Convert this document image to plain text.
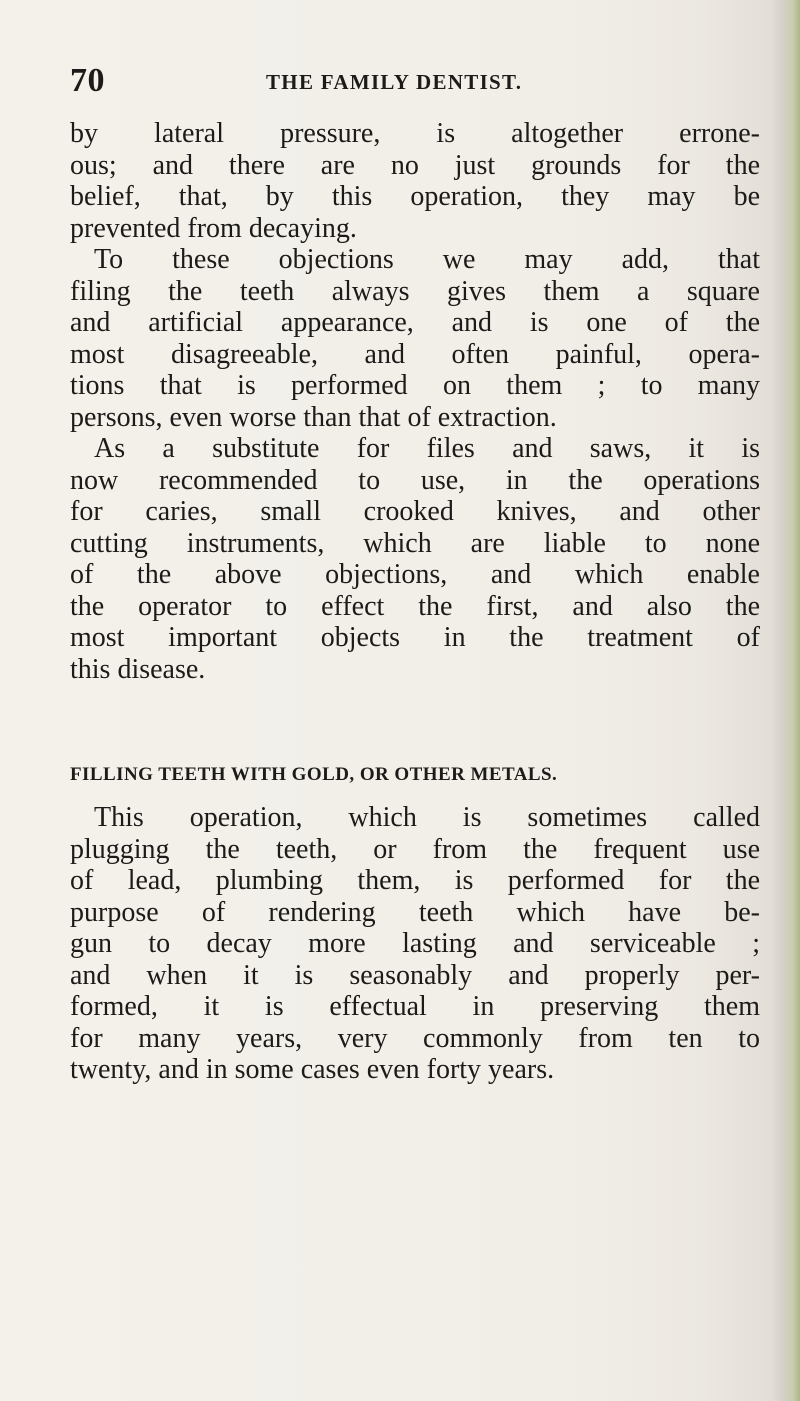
70	THE FAMILY DENTIST.
by lateral pressure, is altogether errone-
ous; and there are no just grounds for the
belief, that, by this operation, they may be
prevented from decaying.
To these objections we may add, that
filing the teeth always gives them a square
and artificial appearance, and is one of the
most disagreeable, and often painful, opera-
tions that is performed on them ; to many
persons, even worse than that of extraction.
As a substitute for files and saws, it is
now recommended to use, in the operations
for caries, small crooked knives, and other
cutting instruments, which are liable to none
of the above objections, and which enable
the operator to effect the first, and also the
most important objects in the treatment of
this disease.
FILLING TEETH WITH GOLD, OR OTHER METALS.
This operation, which is sometimes called
plugging the teeth, or from the frequent use
of lead, plumbing them, is performed for the
purpose of rendering teeth which have be-
gun to decay more lasting and serviceable ;
and when it is seasonably and properly per-
formed, it is effectual in preserving them
for many years, very commonly from ten to
twenty, and in some cases even forty years.
